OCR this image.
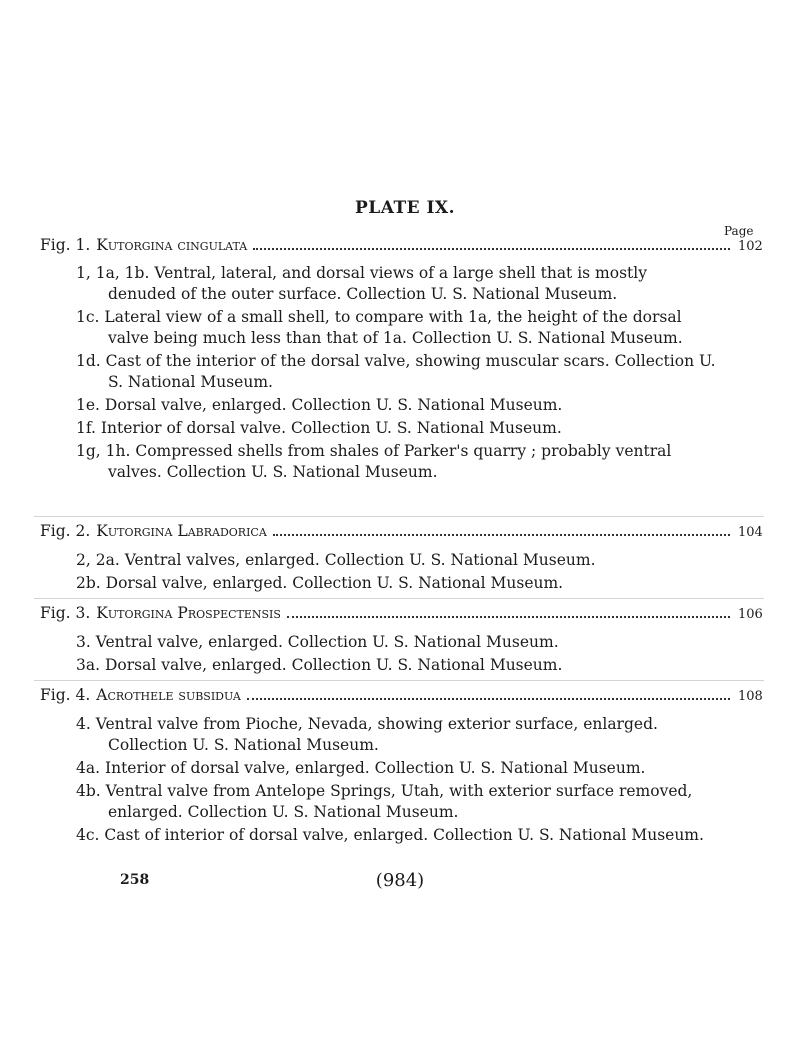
PLATE IX.
Page
Fig. 1. Kutorgina cingulata	102

1, 1a, 1b. Ventral, lateral, and dorsal views of a large shell that is mostly denuded of the outer surface. Collection U. S. National Museum.

1c. Lateral view of a small shell, to compare with 1a, the height of the dorsal valve being much less than that of 1a. Collection U. S. National Museum.

1d. Cast of the interior of the dorsal valve, showing muscular scars. Collection U. S. National Museum.

1e. Dorsal valve, enlarged. Collection U. S. National Museum.

1f. Interior of dorsal valve. Collection U. S. National Museum.

1g, 1h. Compressed shells from shales of Parker's quarry ; probably ventral valves. Collection U. S. National Museum.

Fig. 2. Kutorgina Labradorica	104

2, 2a. Ventral valves, enlarged. Collection U. S. National Museum.

2b. Dorsal valve, enlarged. Collection U. S. National Museum.

Fig. 3. Kutorgina Prospectensis	106

3. Ventral valve, enlarged. Collection U. S. National Museum.

3a. Dorsal valve, enlarged. Collection U. S. National Museum.

Fig. 4. Acrothele subsidua	108

4. Ventral valve from Pioche, Nevada, showing exterior surface, enlarged. Collection U. S. National Museum.

4a. Interior of dorsal valve, enlarged. Collection U. S. National Museum.

4b. Ventral valve from Antelope Springs, Utah, with exterior surface removed, enlarged. Collection U. S. National Museum.

4c. Cast of interior of dorsal valve, enlarged. Collection U. S. National Museum.

258	(984)
